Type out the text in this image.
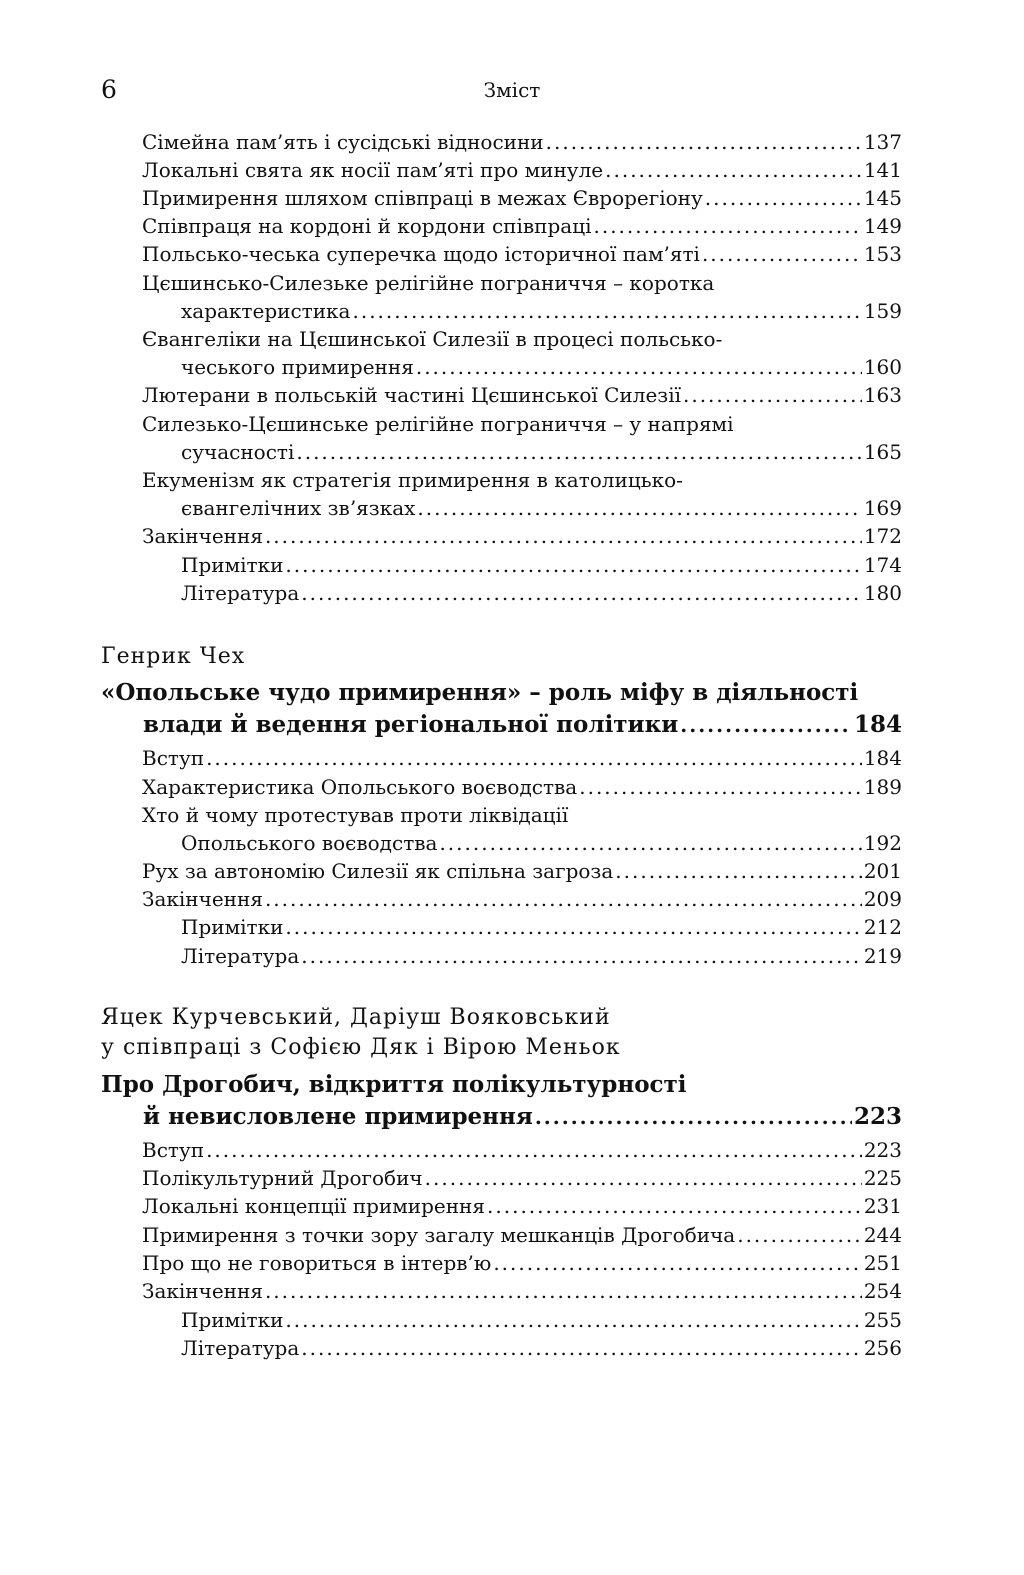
6	Зміст
Сімейна пам’ять і сусідські відносини .....	137
Локальні свята як носії пам’яті про минуле .....	141
Примирення шляхом співпраці в межах Єврорегіону .....	145
Співпраця на кордоні й кордони співпраці .....	149
Польсько-чеська суперечка щодо історичної пам’яті .....	153
Цєшинсько-Силезьке релігійне пограниччя – коротка
характеристика .....	159
Євангеліки на Цєшинської Силезії в процесі польсько-
чеського примирення .....	160
Лютерани в польській частині Цєшинської Силезії .....	163
Силезько-Цєшинське релігійне пограниччя – у напрямі
сучасності .....	165
Екуменізм як стратегія примирення в католицько-
євангелічних зв’язках .....	169
Закінчення .....	172
Примітки .....	174
Література .....	180
Генрик Чех
«Опольське чудо примирення» – роль міфу в діяльності
влади й ведення регіональної політики .....	184
Вступ .....	184
Характеристика Опольського воєводства .....	189
Хто й чому протестував проти ліквідації
Опольського воєводства .....	192
Рух за автономію Силезії як спільна загроза .....	201
Закінчення .....	209
Примітки .....	212
Література .....	219
Яцек Курчевський, Даріуш Вояковський
у співпраці з Софією Дяк і Вірою Меньок
Про Дрогобич, відкриття полікультурності
й невисловлене примирення .....	223
Вступ .....	223
Полікультурний Дрогобич .....	225
Локальні концепції примирення .....	231
Примирення з точки зору загалу мешканців Дрогобича .....	244
Про що не говориться в інтерв’ю .....	251
Закінчення .....	254
Примітки .....	255
Література .....	256
